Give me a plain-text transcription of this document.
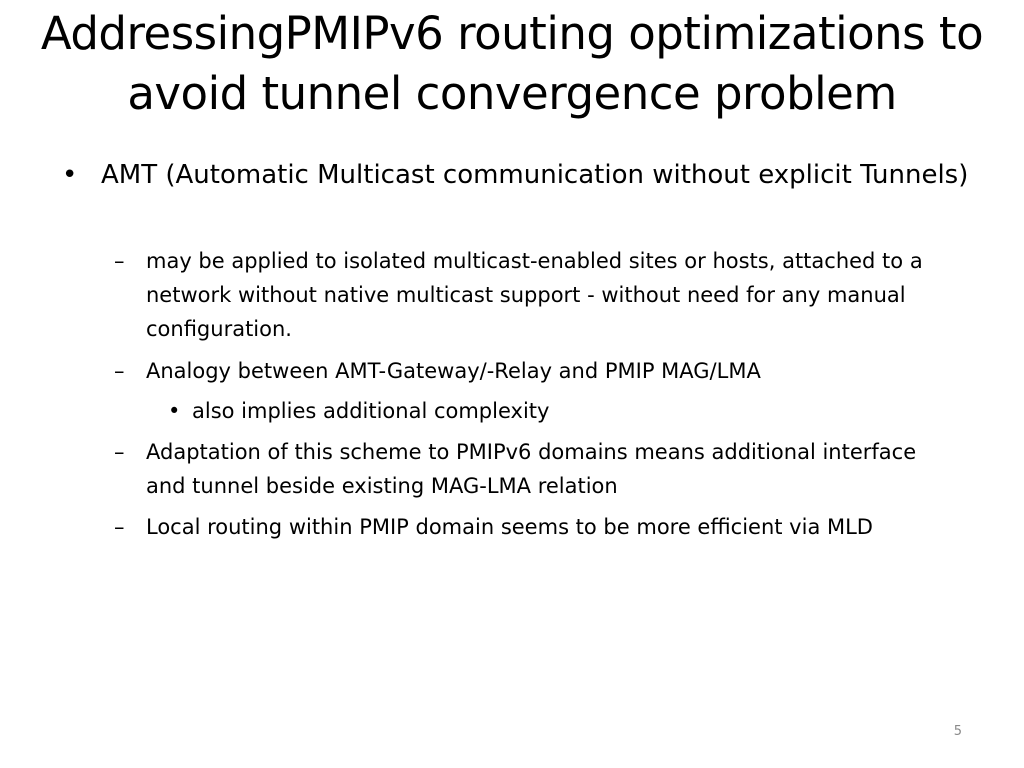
AddressingPMIPv6 routing optimizations to avoid tunnel convergence problem
• AMT (Automatic Multicast communication without explicit Tunnels)
– may be applied to isolated multicast-enabled sites or hosts, attached to a network without native multicast support - without need for any manual configuration.
– Analogy between AMT-Gateway/-Relay and PMIP MAG/LMA
• also implies additional complexity
– Adaptation of this scheme to PMIPv6 domains means additional interface and tunnel beside existing MAG-LMA relation
– Local routing within PMIP domain seems to be more efficient via MLD
5
